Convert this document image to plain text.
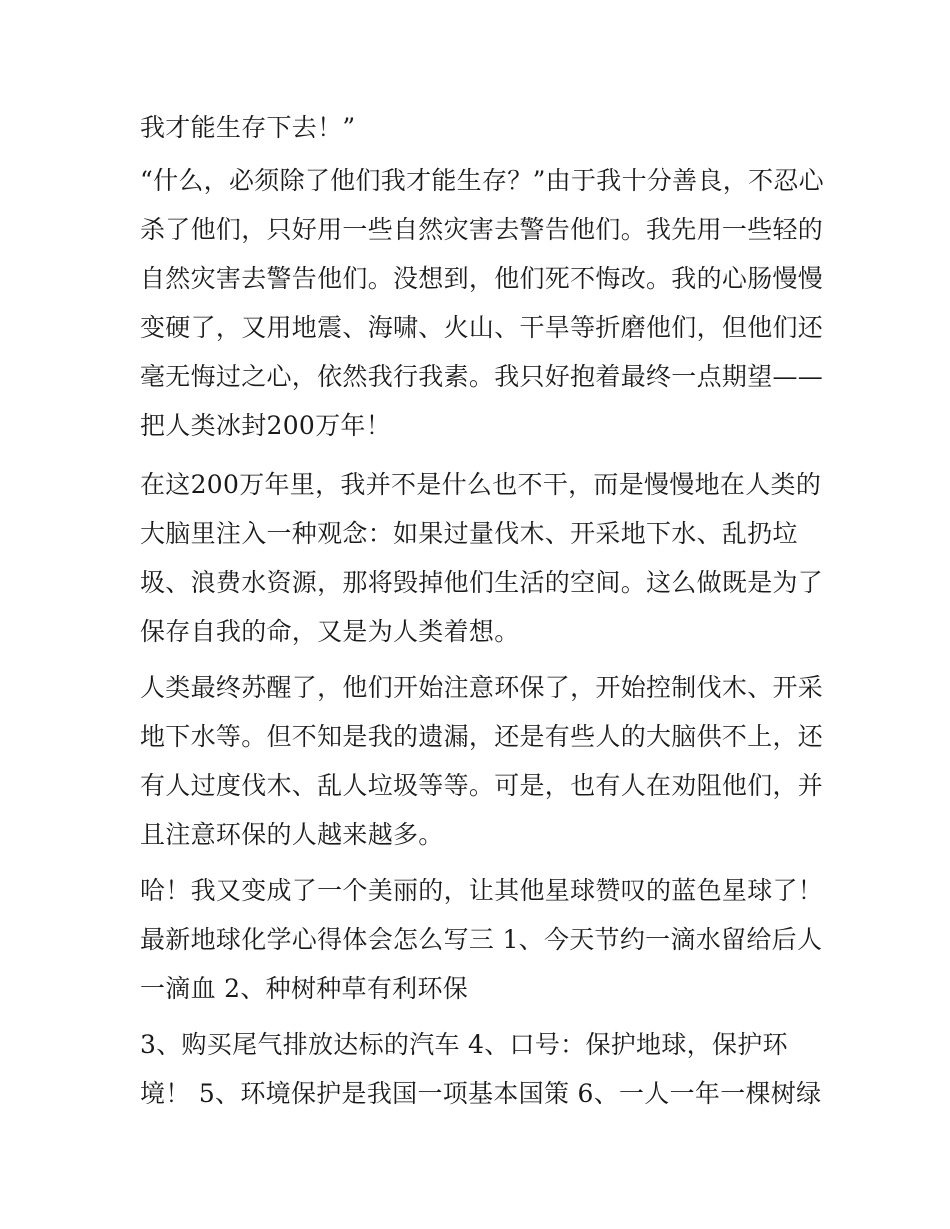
我才能生存下去！”
“什么，必须除了他们我才能生存？”由于我十分善良，不忍心
杀了他们，只好用一些自然灾害去警告他们。我先用一些轻的
自然灾害去警告他们。没想到，他们死不悔改。我的心肠慢慢
变硬了，又用地震、海啸、火山、干旱等折磨他们，但他们还
毫无悔过之心，依然我行我素。我只好抱着最终一点期望——
把人类冰封200万年！
在这200万年里，我并不是什么也不干，而是慢慢地在人类的
大脑里注入一种观念：如果过量伐木、开采地下水、乱扔垃
圾、浪费水资源，那将毁掉他们生活的空间。这么做既是为了
保存自我的命，又是为人类着想。
人类最终苏醒了，他们开始注意环保了，开始控制伐木、开采
地下水等。但不知是我的遗漏，还是有些人的大脑供不上，还
有人过度伐木、乱人垃圾等等。可是，也有人在劝阻他们，并
且注意环保的人越来越多。
哈！我又变成了一个美丽的，让其他星球赞叹的蓝色星球了！
最新地球化学心得体会怎么写三 1、今天节约一滴水留给后人
一滴血 2、种树种草有利环保
3、购买尾气排放达标的汽车 4、口号：保护地球，保护环
境！ 5、环境保护是我国一项基本国策 6、一人一年一棵树绿
